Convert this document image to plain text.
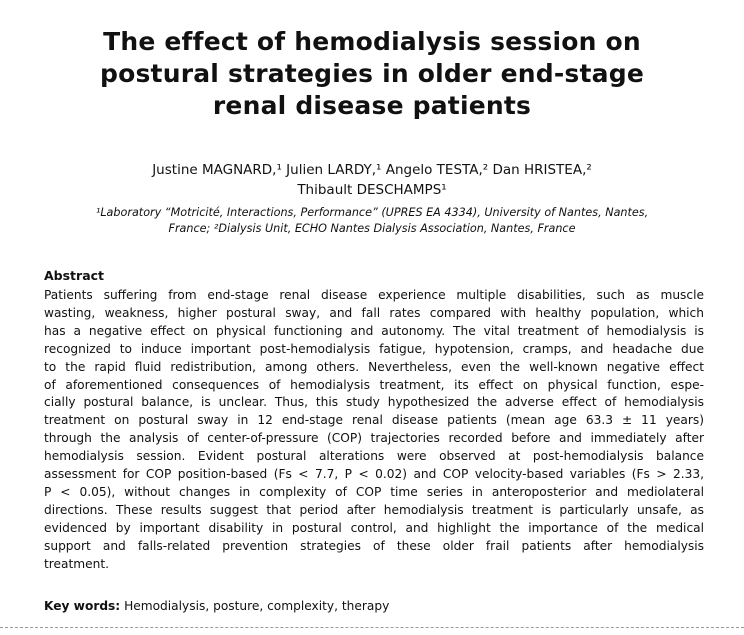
The effect of hemodialysis session on
postural strategies in older end-stage
renal disease patients
Justine MAGNARD,¹ Julien LARDY,¹ Angelo TESTA,² Dan HRISTEA,²
Thibault DESCHAMPS¹
¹Laboratory “Motricité, Interactions, Performance” (UPRES EA 4334), University of Nantes, Nantes,
France; ²Dialysis Unit, ECHO Nantes Dialysis Association, Nantes, France
Abstract
Patients suffering from end-stage renal disease experience multiple disabilities, such as muscle
wasting, weakness, higher postural sway, and fall rates compared with healthy population, which
has a negative effect on physical functioning and autonomy. The vital treatment of hemodialysis is
recognized to induce important post-hemodialysis fatigue, hypotension, cramps, and headache due
to the rapid fluid redistribution, among others. Nevertheless, even the well-known negative effect
of aforementioned consequences of hemodialysis treatment, its effect on physical function, espe-
cially postural balance, is unclear. Thus, this study hypothesized the adverse effect of hemodialysis
treatment on postural sway in 12 end-stage renal disease patients (mean age 63.3 ± 11 years)
through the analysis of center-of-pressure (COP) trajectories recorded before and immediately after
hemodialysis session. Evident postural alterations were observed at post-hemodialysis balance
assessment for COP position-based (Fs < 7.7, P < 0.02) and COP velocity-based variables (Fs > 2.33,
P < 0.05), without changes in complexity of COP time series in anteroposterior and mediolateral
directions. These results suggest that period after hemodialysis treatment is particularly unsafe, as
evidenced by important disability in postural control, and highlight the importance of the medical
support and falls-related prevention strategies of these older frail patients after hemodialysis
treatment.
Key words: Hemodialysis, posture, complexity, therapy
